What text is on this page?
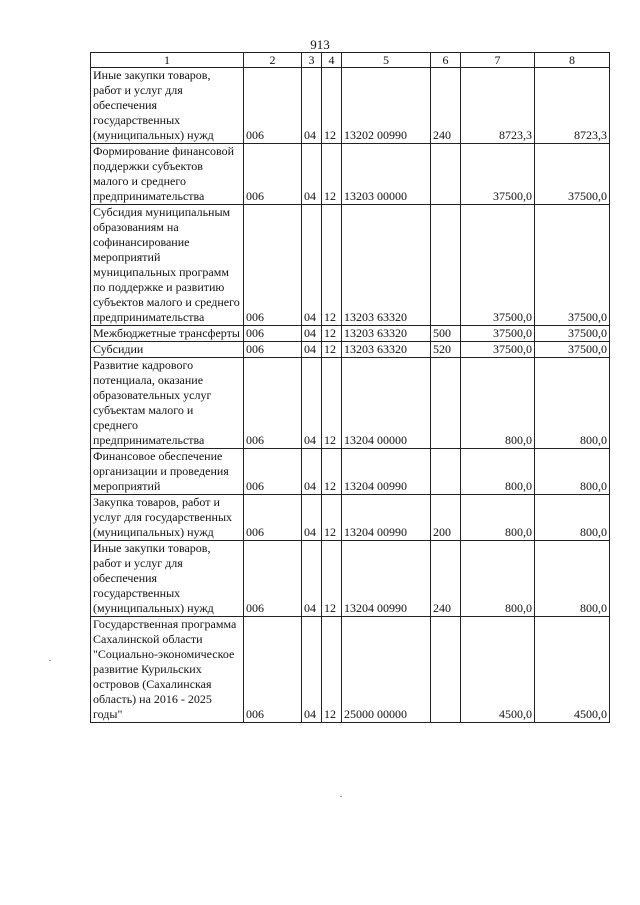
913
1	2	3	4	5	6	7	8
Иные закупки товаров, работ и услуг для обеспечения государственных (муниципальных) нужд	006	04	12	13202 00990	240	8723,3	8723,3
Формирование финансовой поддержки субъектов малого и среднего предпринимательства	006	04	12	13203 00000		37500,0	37500,0
Субсидия муниципальным образованиям на софинансирование мероприятий муниципальных программ по поддержке и развитию субъектов малого и среднего предпринимательства	006	04	12	13203 63320		37500,0	37500,0
Межбюджетные трансферты	006	04	12	13203 63320	500	37500,0	37500,0
Субсидии	006	04	12	13203 63320	520	37500,0	37500,0
Развитие кадрового потенциала, оказание образовательных услуг субъектам малого и среднего предпринимательства	006	04	12	13204 00000		800,0	800,0
Финансовое обеспечение организации и проведения мероприятий	006	04	12	13204 00990		800,0	800,0
Закупка товаров, работ и услуг для государственных (муниципальных) нужд	006	04	12	13204 00990	200	800,0	800,0
Иные закупки товаров, работ и услуг для обеспечения государственных (муниципальных) нужд	006	04	12	13204 00990	240	800,0	800,0
Государственная программа Сахалинской области "Социально-экономическое развитие Курильских островов (Сахалинская область) на 2016 - 2025 годы"	006	04	12	25000 00000		4500,0	4500,0
